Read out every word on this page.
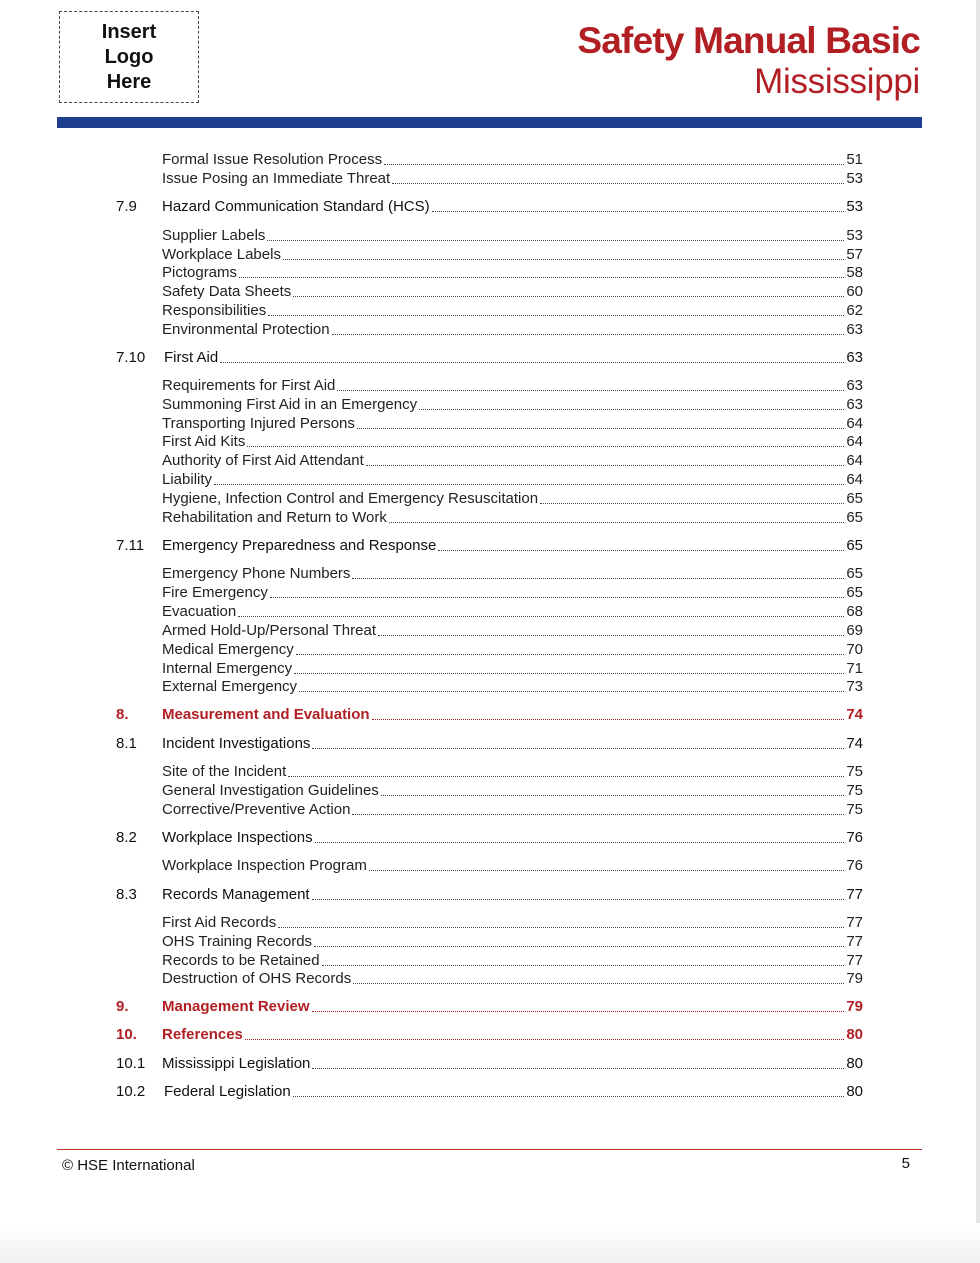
Insert
Logo
Here
Safety Manual Basic
Mississippi
Formal Issue Resolution Process	51
Issue Posing an Immediate Threat	53
7.9 Hazard Communication Standard (HCS)	53
Supplier Labels	53
Workplace Labels	57
Pictograms	58
Safety Data Sheets	60
Responsibilities	62
Environmental Protection	63
7.10 First Aid	63
Requirements for First Aid	63
Summoning First Aid in an Emergency	63
Transporting Injured Persons	64
First Aid Kits	64
Authority of First Aid Attendant	64
Liability	64
Hygiene, Infection Control and Emergency Resuscitation	65
Rehabilitation and Return to Work	65
7.11 Emergency Preparedness and Response	65
Emergency Phone Numbers	65
Fire Emergency	65
Evacuation	68
Armed Hold-Up/Personal Threat	69
Medical Emergency	70
Internal Emergency	71
External Emergency	73
8. Measurement and Evaluation	74
8.1 Incident Investigations	74
Site of the Incident	75
General Investigation Guidelines	75
Corrective/Preventive Action	75
8.2 Workplace Inspections	76
Workplace Inspection Program	76
8.3 Records Management	77
First Aid Records	77
OHS Training Records	77
Records to be Retained	77
Destruction of OHS Records	79
9. Management Review	79
10. References	80
10.1 Mississippi Legislation	80
10.2 Federal Legislation	80
© HSE International	5
